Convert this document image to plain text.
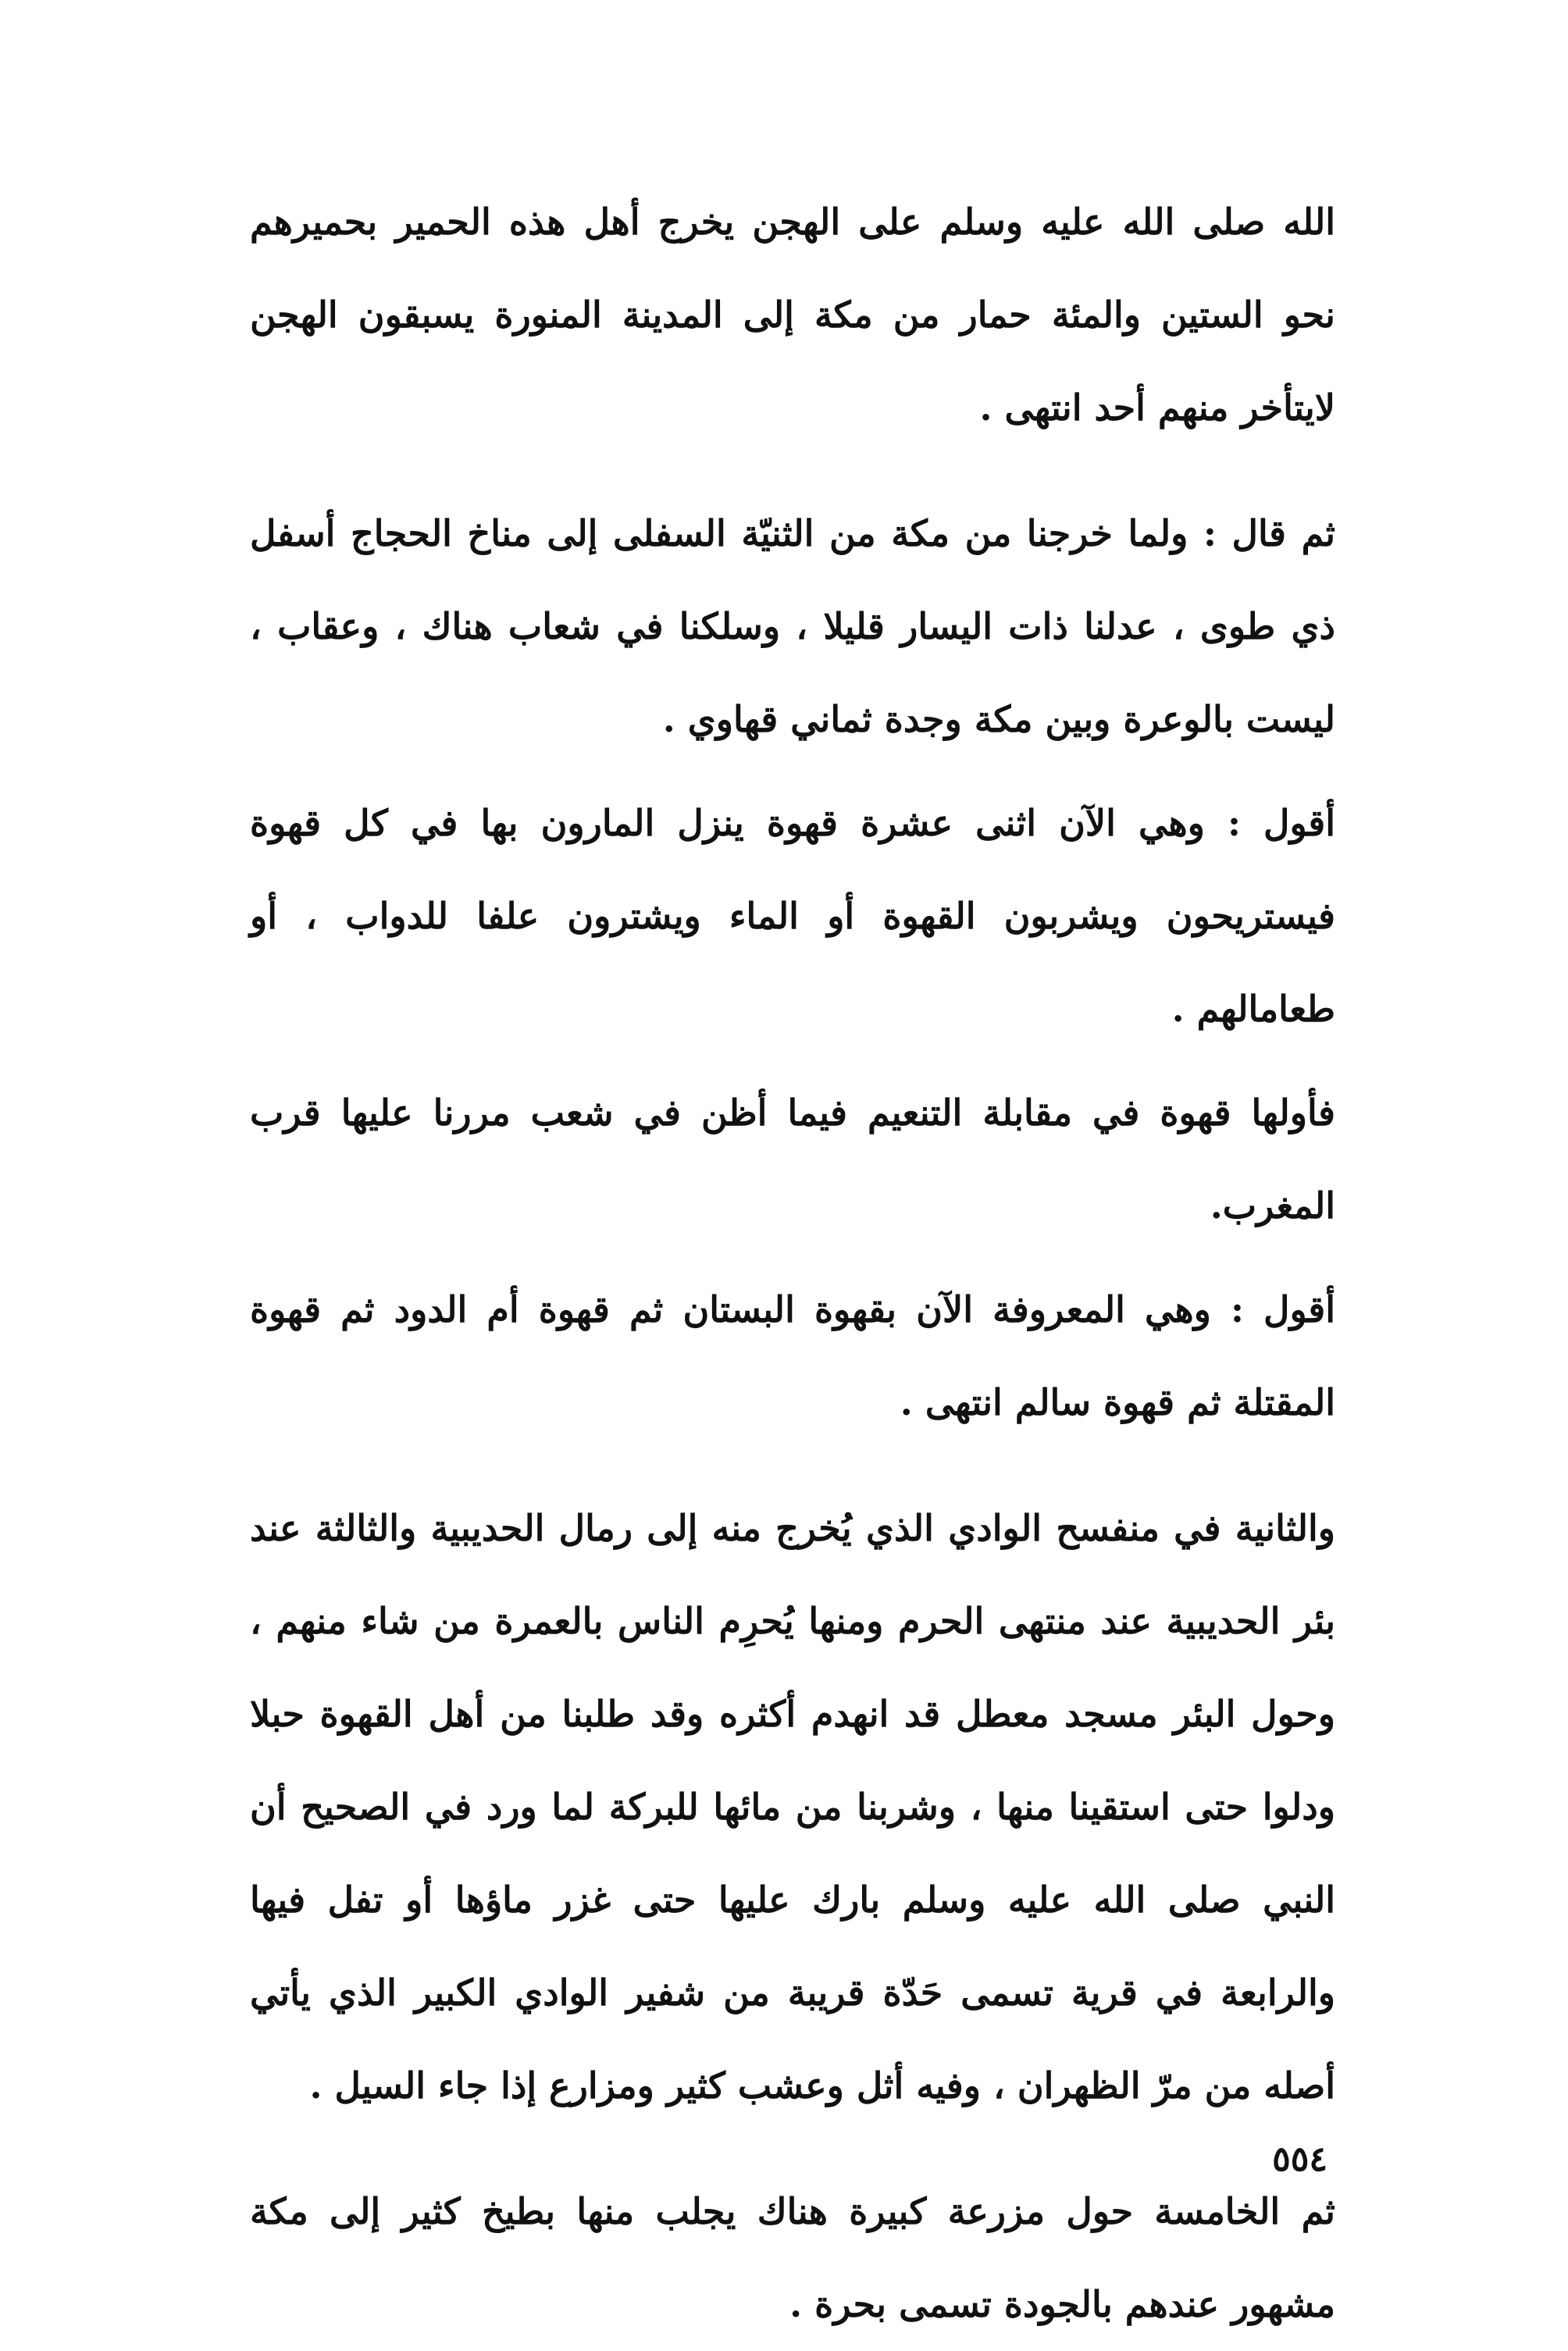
الله صلى الله عليه وسلم على الهجن يخرج أهل هذه الحمير بحميرهم نحو الستين والمئة حمار من مكة إلى المدينة المنورة يسبقون الهجن لايتأخر منهم أحد انتهى .

ثم قال : ولما خرجنا من مكة من الثنيّة السفلى إلى مناخ الحجاج أسفل ذي طوى ، عدلنا ذات اليسار قليلا ، وسلكنا في شعاب هناك ، وعقاب ، ليست بالوعرة وبين مكة وجدة ثماني قهاوي .

أقول : وهي الآن اثنى عشرة قهوة ينزل المارون بها في كل قهوة فيستريحون ويشربون القهوة أو الماء ويشترون علفا للدواب ، أو طعامالهم .

فأولها قهوة في مقابلة التنعيم فيما أظن في شعب مررنا عليها قرب المغرب.

أقول : وهي المعروفة الآن بقهوة البستان ثم قهوة أم الدود ثم قهوة المقتلة ثم قهوة سالم انتهى .

والثانية في منفسح الوادي الذي يُخرج منه إلى رمال الحديبية والثالثة عند بئر الحديبية عند منتهى الحرم ومنها يُحرِم الناس بالعمرة من شاء منهم ، وحول البئر مسجد معطل قد انهدم أكثره وقد طلبنا من أهل القهوة حبلا ودلوا حتى استقينا منها ، وشربنا من مائها للبركة لما ورد في الصحيح أن النبي صلى الله عليه وسلم بارك عليها حتى غزر ماؤها أو تفل فيها والرابعة في قرية تسمى حَدّة قريبة من شفير الوادي الكبير الذي يأتي أصله من مرّ الظهران ، وفيه أثل وعشب كثير ومزارع إذا جاء السيل .

ثم الخامسة حول مزرعة كبيرة هناك يجلب منها بطيخ كثير إلى مكة مشهور عندهم بالجودة تسمى بحرة .

٥٥٤
